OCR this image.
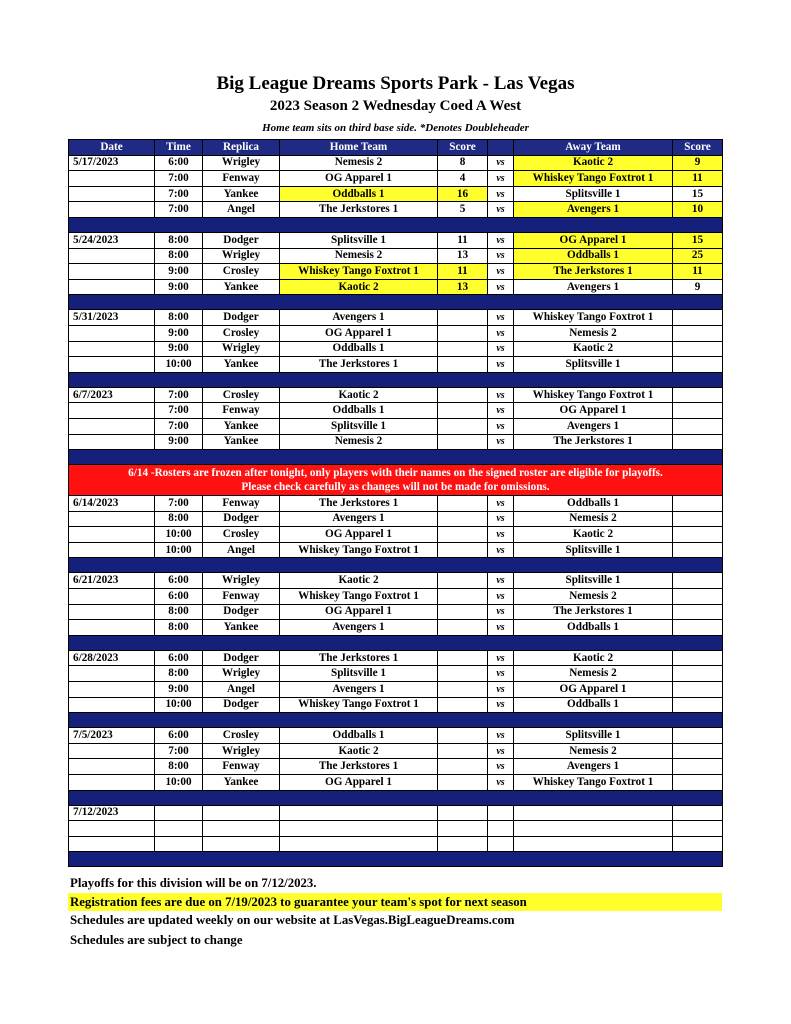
Big League Dreams Sports Park - Las Vegas
2023 Season 2 Wednesday Coed A West
Home team sits on third base side. *Denotes Doubleheader
Date	Time	Replica	Home Team	Score		Away Team	Score
5/17/2023	6:00	Wrigley	Nemesis 2	8	vs	Kaotic 2	9
	7:00	Fenway	OG Apparel 1	4	vs	Whiskey Tango Foxtrot 1	11
	7:00	Yankee	Oddballs 1	16	vs	Splitsville 1	15
	7:00	Angel	The Jerkstores 1	5	vs	Avengers 1	10

5/24/2023	8:00	Dodger	Splitsville 1	11	vs	OG Apparel 1	15
	8:00	Wrigley	Nemesis 2	13	vs	Oddballs 1	25
	9:00	Crosley	Whiskey Tango Foxtrot 1	11	vs	The Jerkstores 1	11
	9:00	Yankee	Kaotic 2	13	vs	Avengers 1	9

5/31/2023	8:00	Dodger	Avengers 1		vs	Whiskey Tango Foxtrot 1	
	9:00	Crosley	OG Apparel 1		vs	Nemesis 2	
	9:00	Wrigley	Oddballs 1		vs	Kaotic 2	
	10:00	Yankee	The Jerkstores 1		vs	Splitsville 1	

6/7/2023	7:00	Crosley	Kaotic 2		vs	Whiskey Tango Foxtrot 1	
	7:00	Fenway	Oddballs 1		vs	OG Apparel 1	
	7:00	Yankee	Splitsville 1		vs	Avengers 1	
	9:00	Yankee	Nemesis 2		vs	The Jerkstores 1	

6/14 -Rosters are frozen after tonight, only players with their names on the signed roster are eligible for playoffs.
Please check carefully as changes will not be made for omissions.							

6/14/2023	7:00	Fenway	The Jerkstores 1		vs	Oddballs 1	
	8:00	Dodger	Avengers 1		vs	Nemesis 2	
	10:00	Crosley	OG Apparel 1		vs	Kaotic 2	
	10:00	Angel	Whiskey Tango Foxtrot 1		vs	Splitsville 1	

6/21/2023	6:00	Wrigley	Kaotic 2		vs	Splitsville 1	
	6:00	Fenway	Whiskey Tango Foxtrot 1		vs	Nemesis 2	
	8:00	Dodger	OG Apparel 1		vs	The Jerkstores 1	
	8:00	Yankee	Avengers 1		vs	Oddballs 1	

6/28/2023	6:00	Dodger	The Jerkstores 1		vs	Kaotic 2	
	8:00	Wrigley	Splitsville 1		vs	Nemesis 2	
	9:00	Angel	Avengers 1		vs	OG Apparel 1	
	10:00	Dodger	Whiskey Tango Foxtrot 1		vs	Oddballs 1	

7/5/2023	6:00	Crosley	Oddballs 1		vs	Splitsville 1	
	7:00	Wrigley	Kaotic 2		vs	Nemesis 2	
	8:00	Fenway	The Jerkstores 1		vs	Avengers 1	
	10:00	Yankee	OG Apparel 1		vs	Whiskey Tango Foxtrot 1	

7/12/2023							

Playoffs for this division will be on 7/12/2023.
Registration fees are due on 7/19/2023 to guarantee your team's spot for next season
Schedules are updated weekly on our website at LasVegas.BigLeagueDreams.com
Schedules are subject to change
